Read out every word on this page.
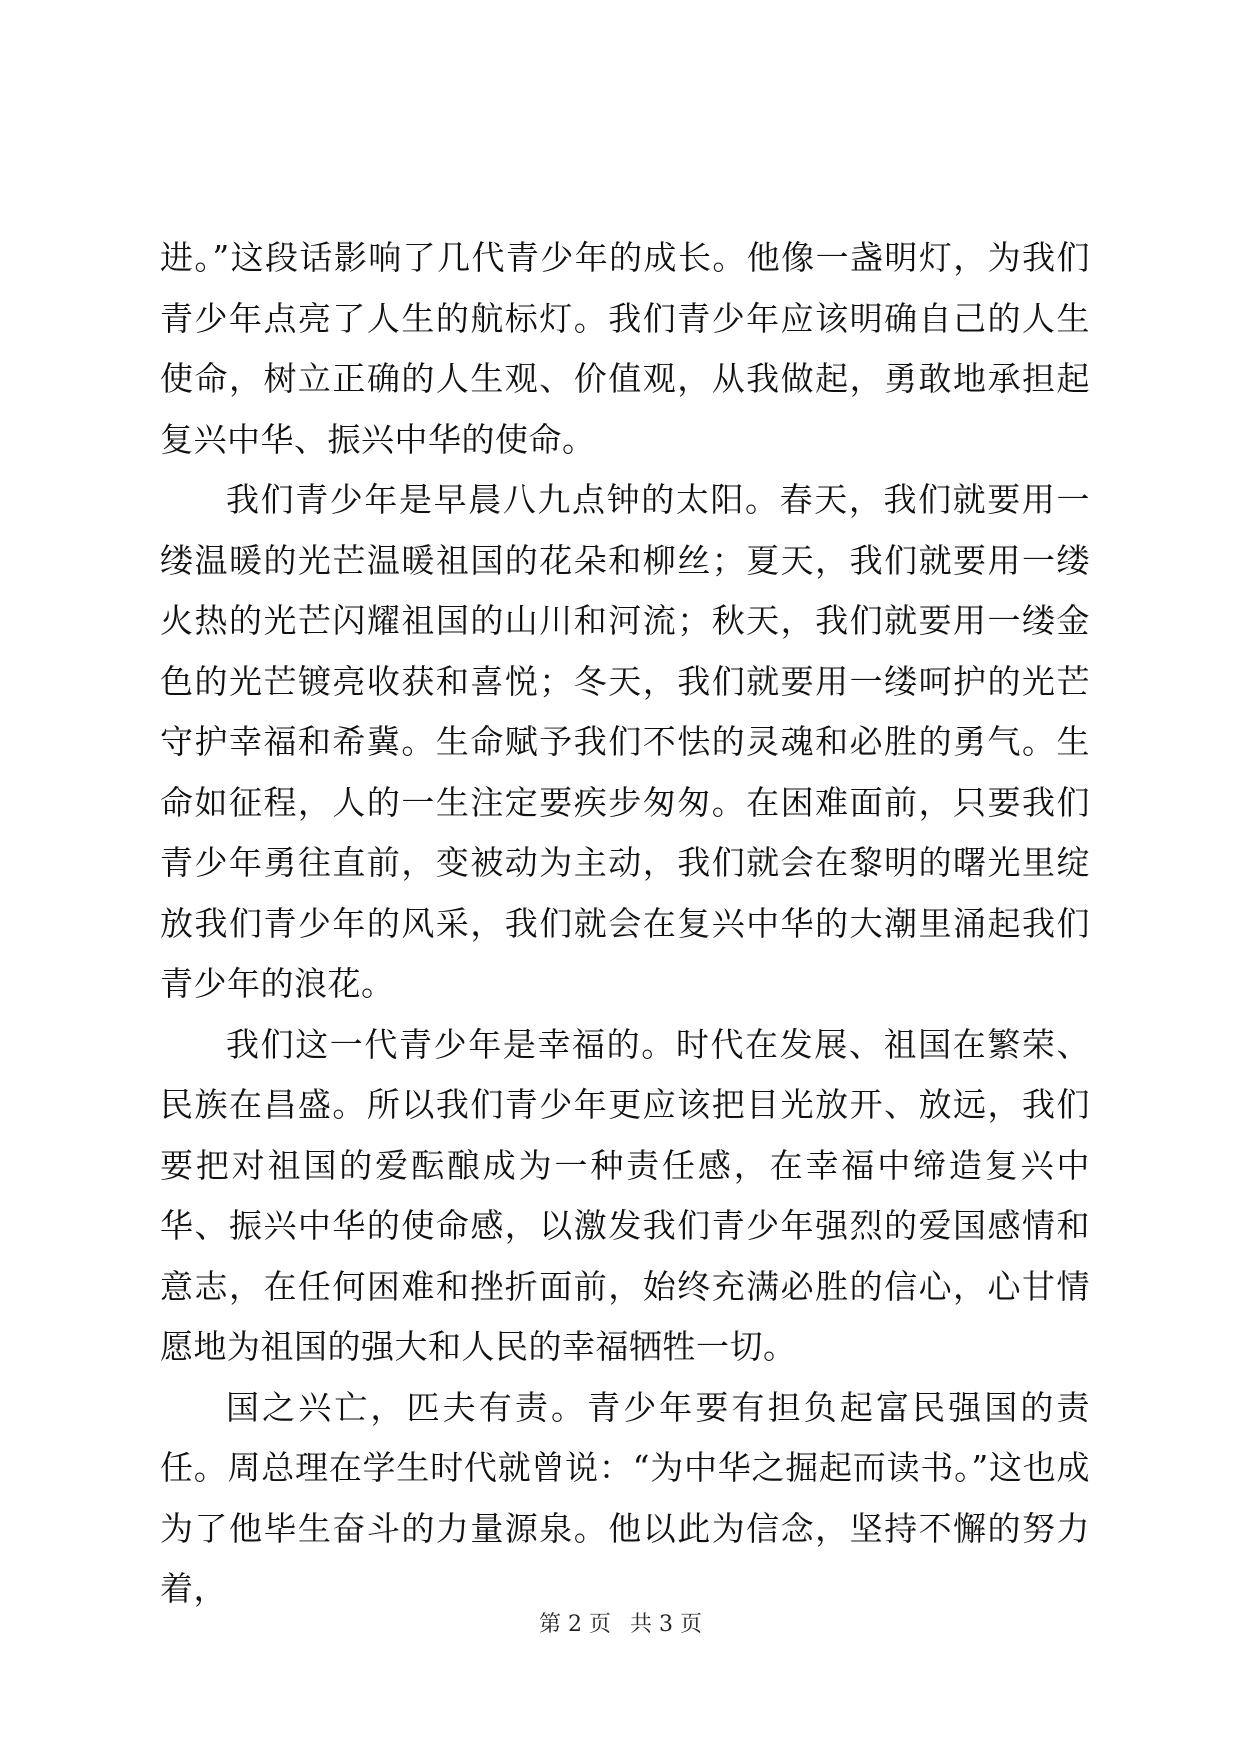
进。”这段话影响了几代青少年的成长。他像一盏明灯，为我们青少年点亮了人生的航标灯。我们青少年应该明确自己的人生使命，树立正确的人生观、价值观，从我做起，勇敢地承担起复兴中华、振兴中华的使命。

我们青少年是早晨八九点钟的太阳。春天，我们就要用一缕温暖的光芒温暖祖国的花朵和柳丝；夏天，我们就要用一缕火热的光芒闪耀祖国的山川和河流；秋天，我们就要用一缕金色的光芒镀亮收获和喜悦；冬天，我们就要用一缕呵护的光芒守护幸福和希冀。生命赋予我们不怯的灵魂和必胜的勇气。生命如征程，人的一生注定要疾步匆匆。在困难面前，只要我们青少年勇往直前，变被动为主动，我们就会在黎明的曙光里绽放我们青少年的风采，我们就会在复兴中华的大潮里涌起我们青少年的浪花。

我们这一代青少年是幸福的。时代在发展、祖国在繁荣、民族在昌盛。所以我们青少年更应该把目光放开、放远，我们要把对祖国的爱酝酿成为一种责任感，在幸福中缔造复兴中华、振兴中华的使命感，以激发我们青少年强烈的爱国感情和意志，在任何困难和挫折面前，始终充满必胜的信心，心甘情愿地为祖国的强大和人民的幸福牺牲一切。

国之兴亡，匹夫有责。青少年要有担负起富民强国的责任。周总理在学生时代就曾说：“为中华之掘起而读书。”这也成为了他毕生奋斗的力量源泉。他以此为信念，坚持不懈的努力着，

第 2 页 共 3 页
